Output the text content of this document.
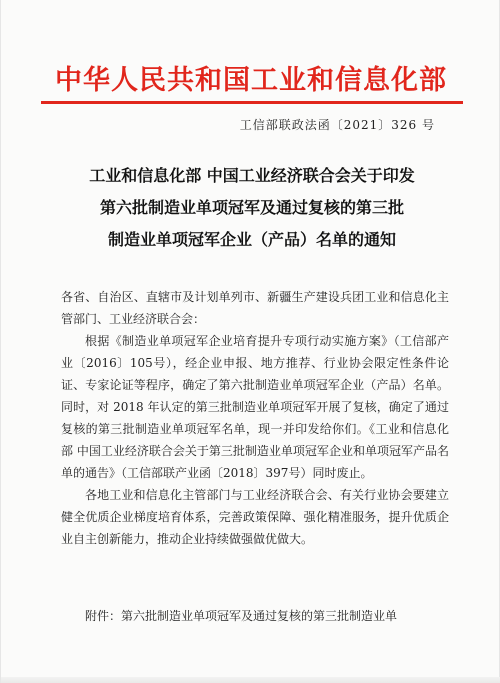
中华人民共和国工业和信息化部
工信部联政法函〔2021〕326 号
工业和信息化部 中国工业经济联合会关于印发
第六批制造业单项冠军及通过复核的第三批
制造业单项冠军企业（产品）名单的通知
各省、自治区、直辖市及计划单列市、新疆生产建设兵团工业和信息化主管部门、工业经济联合会：

根据《制造业单项冠军企业培育提升专项行动实施方案》（工信部产业〔2016〕105号），经企业申报、地方推荐、行业协会限定性条件论证、专家论证等程序，确定了第六批制造业单项冠军企业（产品）名单。同时，对 2018 年认定的第三批制造业单项冠军开展了复核，确定了通过复核的第三批制造业单项冠军名单，现一并印发给你们。《工业和信息化部 中国工业经济联合会关于第三批制造业单项冠军企业和单项冠军产品名单的通告》（工信部联产业函〔2018〕397号）同时废止。

各地工业和信息化主管部门与工业经济联合会、有关行业协会要建立健全优质企业梯度培育体系，完善政策保障、强化精准服务，提升优质企业自主创新能力，推动企业持续做强做优做大。

附件：第六批制造业单项冠军及通过复核的第三批制造业单
